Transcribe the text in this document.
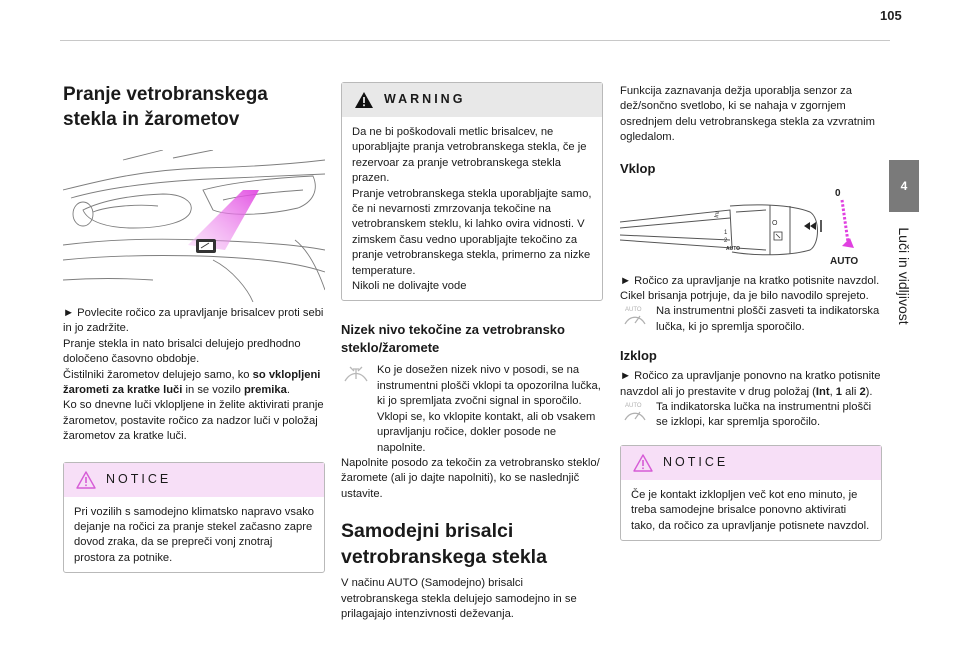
105
4
Luči in vidljivost
Pranje vetrobranskega stekla in žarometov

► Povlecite ročico za upravljanje brisalcev proti sebi in jo zadržite.

Pranje stekla in nato brisalci delujejo predhodno določeno časovno obdobje.

Čistilniki žarometov delujejo samo, ko so vklopljeni žarometi za kratke luči in se vozilo premika.

Ko so dnevne luči vklopljene in želite aktivirati pranje žarometov, postavite ročico za nadzor luči v položaj žarometov za kratke luči.

NOTICE

Pri vozilih s samodejno klimatsko napravo vsako dejanje na ročici za pranje stekel začasno zapre dovod zraka, da se prepreči vonj znotraj prostora za potnike.

WARNING

Da ne bi poškodovali metlic brisalcev, ne uporabljajte pranja vetrobranskega stekla, če je rezervoar za pranje vetrobranskega stekla prazen.

Pranje vetrobranskega stekla uporabljajte samo, če ni nevarnosti zmrzovanja tekočine na vetrobranskem steklu, ki lahko ovira vidnosti. V zimskem času vedno uporabljajte tekočino za pranje vetrobranskega stekla, primerno za nizke temperature.

Nikoli ne dolivajte vode

Nizek nivo tekočine za vetrobransko steklo/žaromete

Ko je dosežen nizek nivo v posodi, se na instrumentni plošči vklopi ta opozorilna lučka, ki jo spremljata zvočni signal in sporočilo. Vklopi se, ko vklopite kontakt, ali ob vsakem upravljanju ročice, dokler posode ne napolnite.

Napolnite posodo za tekočin za vetrobransko steklo/žaromete (ali jo dajte napolniti), ko se naslednjič ustavite.

Samodejni brisalci vetrobranskega stekla

V načinu AUTO (Samodejno) brisalci vetrobranskega stekla delujejo samodejno in se prilagajajo intenzivnosti deževanja.

Funkcija zaznavanja dežja uporablja senzor za dež/sončno svetlobo, ki se nahaja v zgornjem osrednjem delu vetrobranskega stekla za vzvratnim ogledalom.

Vklop
Int
1
2
AUTO
O
0
AUTO

► Ročico za upravljanje na kratko potisnite navzdol.

Cikel brisanja potrjuje, da je bilo navodilo sprejeto.

AUTO Na instrumentni plošči zasveti ta indikatorska lučka, ki jo spremlja sporočilo.

Izklop

► Ročico za upravljanje ponovno na kratko potisnite navzdol ali jo prestavite v drug položaj (Int, 1 ali 2).

AUTO Ta indikatorska lučka na instrumentni plošči se izklopi, kar spremlja sporočilo.

NOTICE

Če je kontakt izklopljen več kot eno minuto, je treba samodejne brisalce ponovno aktivirati tako, da ročico za upravljanje potisnete navzdol.
